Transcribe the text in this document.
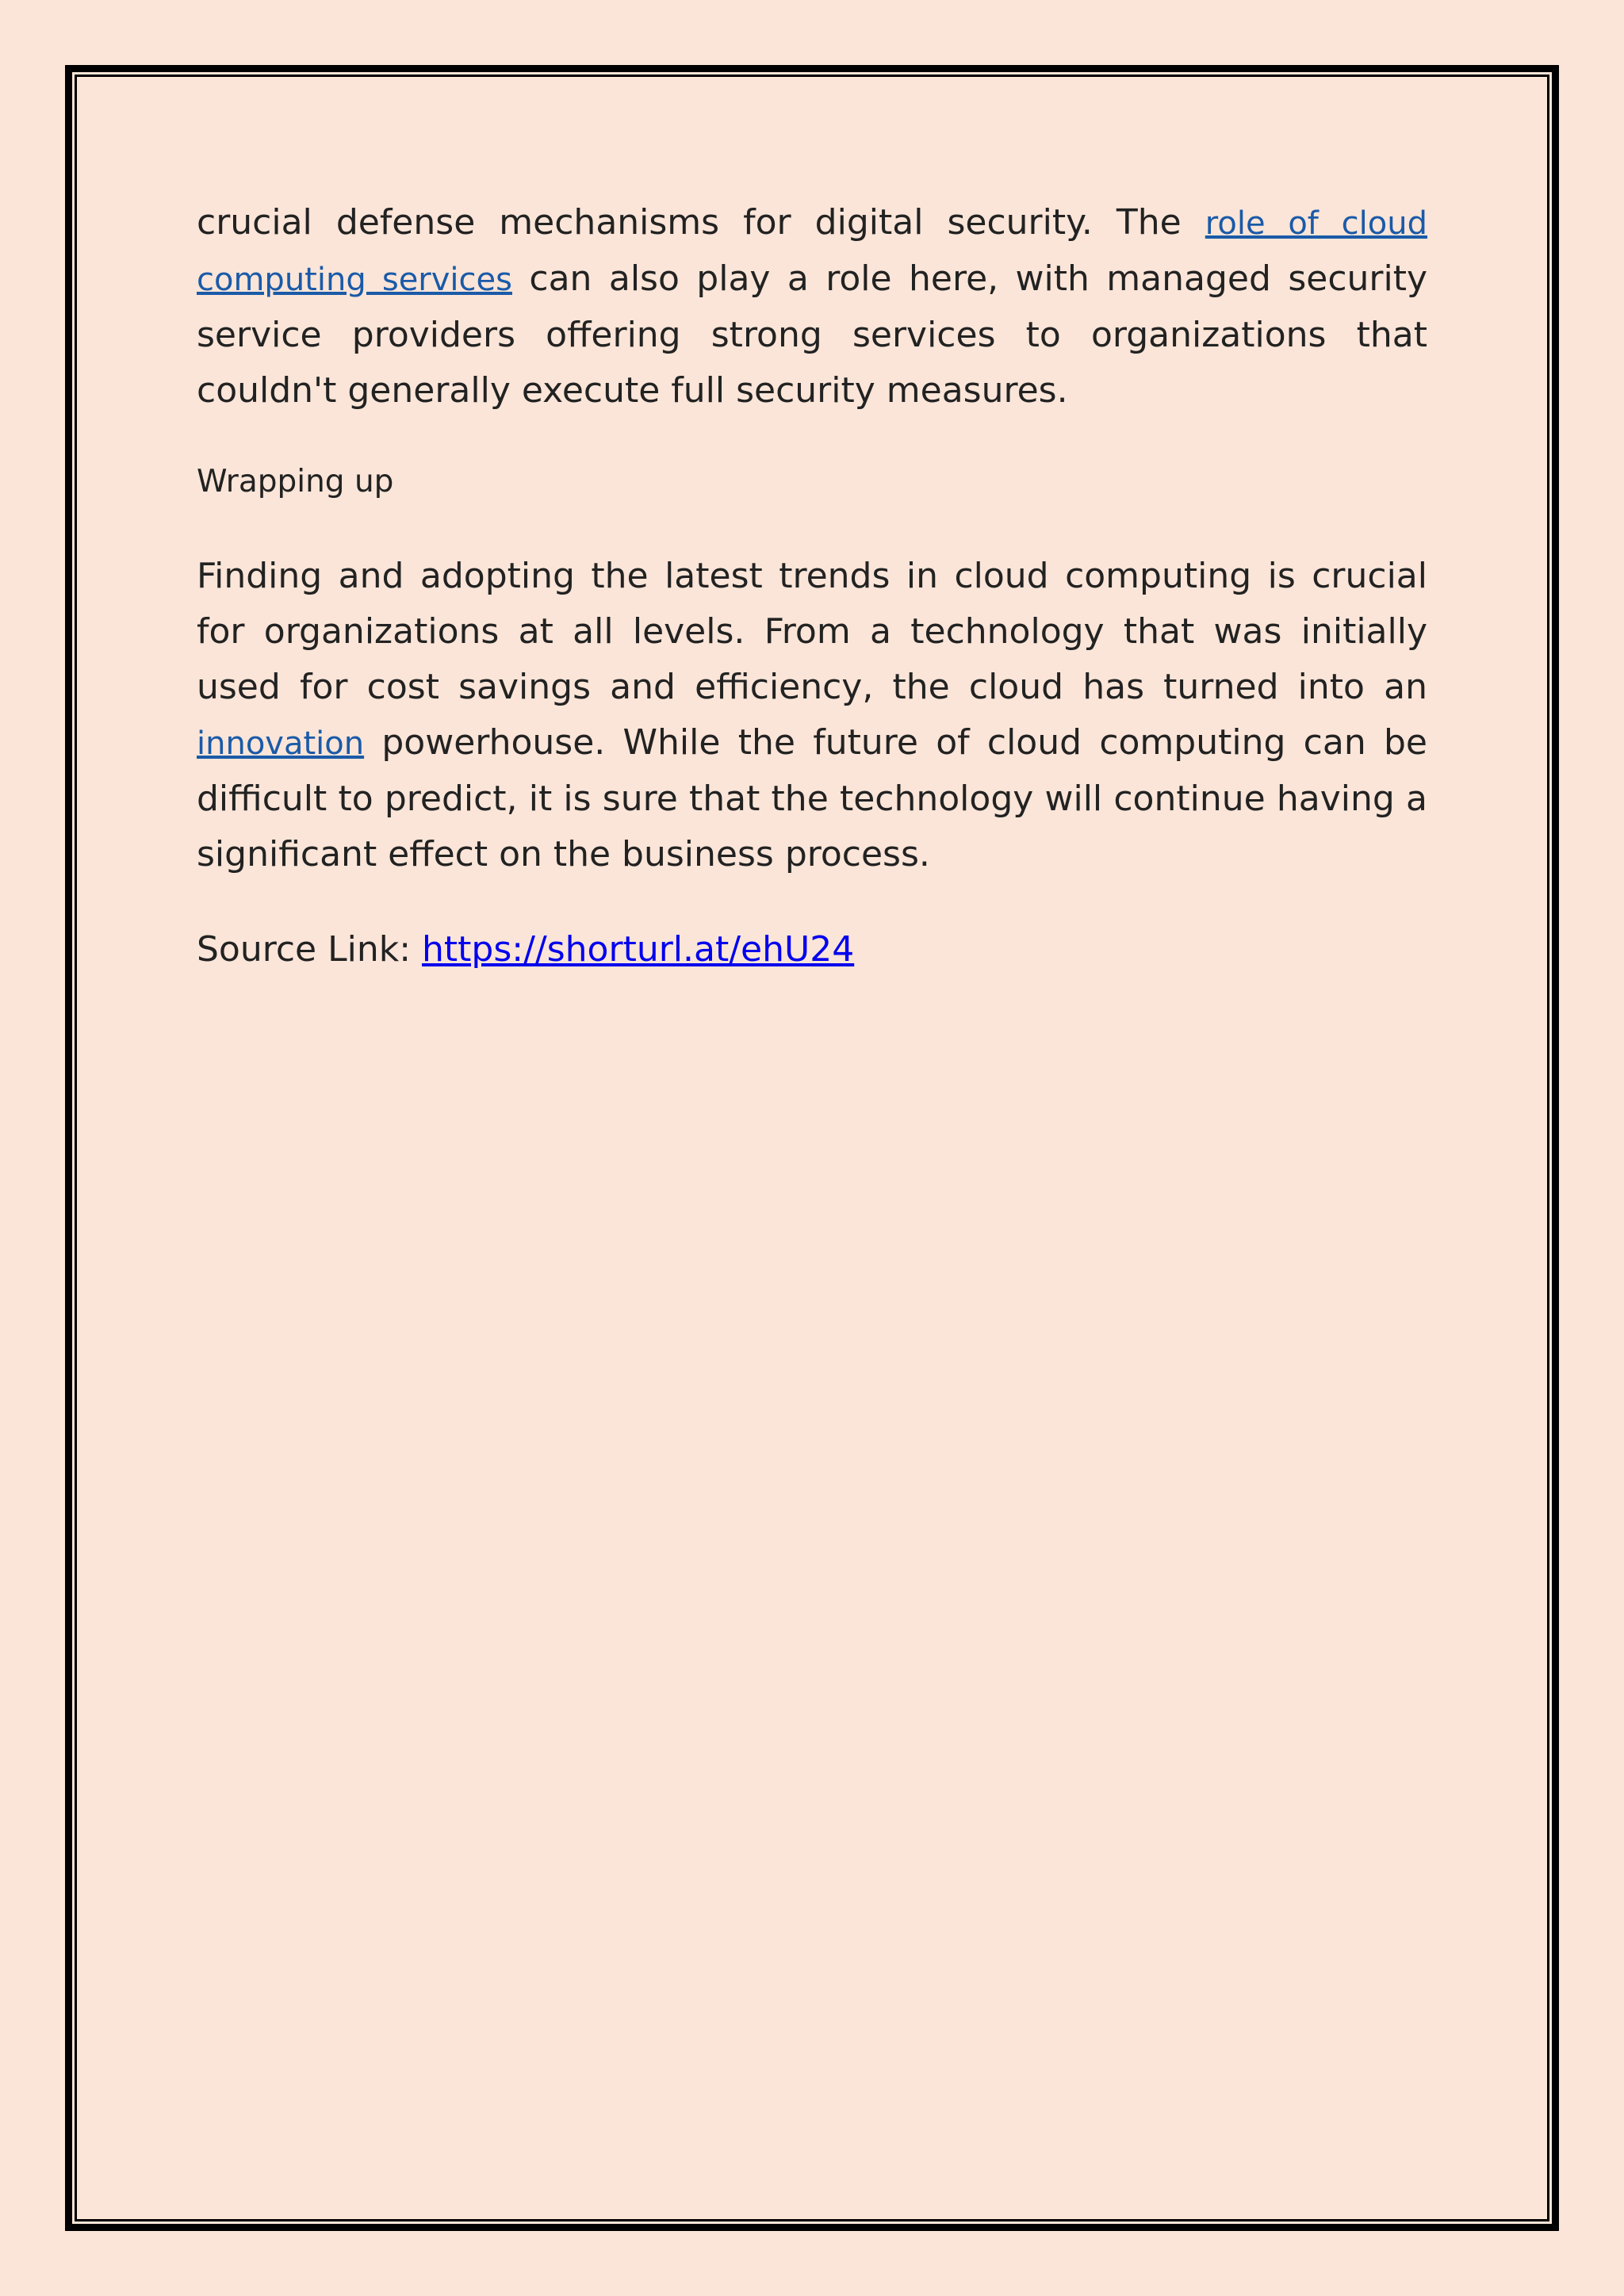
crucial defense mechanisms for digital security. The role of cloud computing services can also play a role here, with managed security service providers offering strong services to organizations that couldn't generally execute full security measures.

Wrapping up

Finding and adopting the latest trends in cloud computing is crucial for organizations at all levels. From a technology that was initially used for cost savings and efficiency, the cloud has turned into an innovation powerhouse. While the future of cloud computing can be difficult to predict, it is sure that the technology will continue having a significant effect on the business process.

Source Link: https://shorturl.at/ehU24
